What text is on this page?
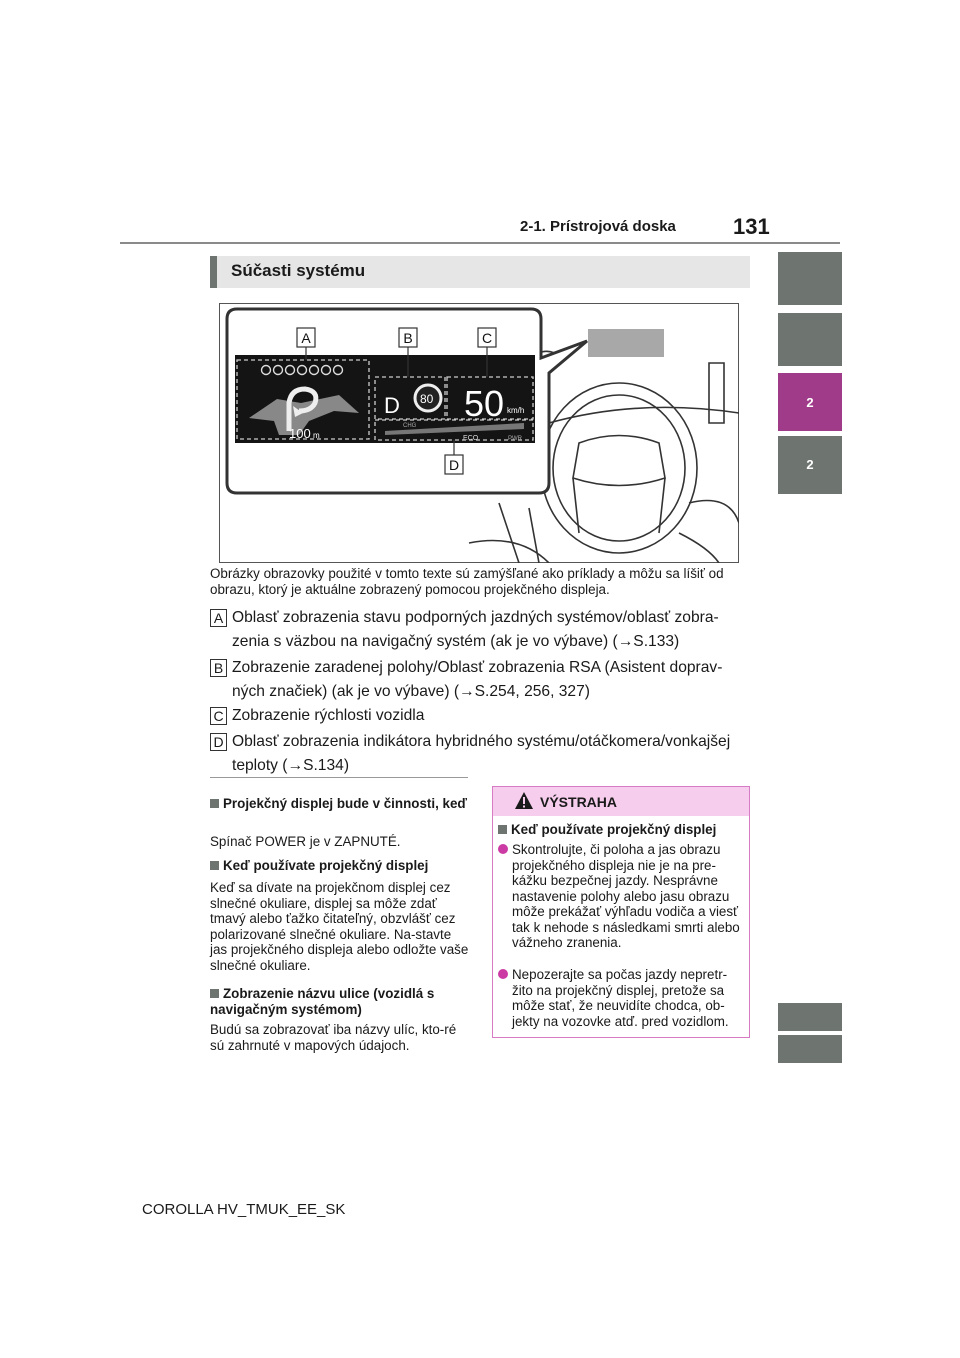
2-1. Prístrojová doska	131
2
2
Súčasti systému
100 m
D 80 50 km/h
CHG
ECO	PWR
A	B	C
D
Obrázky obrazovky použité v tomto texte sú zamýšľané ako príklady a môžu sa líšiť od obrazu, ktorý je aktuálne zobrazený pomocou projekčného displeja.
A Oblasť zobrazenia stavu podporných jazdných systémov/oblasť zobra-zenia s väzbou na navigačný systém (ak je vo výbave) (→S.133)
B Zobrazenie zaradenej polohy/Oblasť zobrazenia RSA (Asistent doprav-ných značiek) (ak je vo výbave) (→S.254, 256, 327)
C Zobrazenie rýchlosti vozidla
D Oblasť zobrazenia indikátora hybridného systému/otáčkomera/vonkajšej teploty (→S.134)
Projekčný displej bude v činnosti, keď
Spínač POWER je v ZAPNUTÉ.
Keď používate projekčný displej
Keď sa dívate na projekčnom displej cez slnečné okuliare, displej sa môže zdať tmavý alebo ťažko čitateľný, obzvlášť cez polarizované slnečné okuliare. Na-stavte jas projekčného displeja alebo odložte vaše slnečné okuliare.
Zobrazenie názvu ulice (vozidlá s navigačným systémom)
Budú sa zobrazovať iba názvy ulíc, kto-ré sú zahrnuté v mapových údajoch.
VÝSTRAHA
Keď používate projekčný displej
Skontrolujte, či poloha a jas obrazu projekčného displeja nie je na pre-kážku bezpečnej jazdy. Nesprávne nastavenie polohy alebo jasu obrazu môže prekážať výhľadu vodiča a viesť tak k nehode s následkami smrti alebo vážneho zranenia.
Nepozerajte sa počas jazdy nepretr-žito na projekčný displej, pretože sa môže stať, že neuvidíte chodca, ob-jekty na vozovke atď. pred vozidlom.
COROLLA HV_TMUK_EE_SK
